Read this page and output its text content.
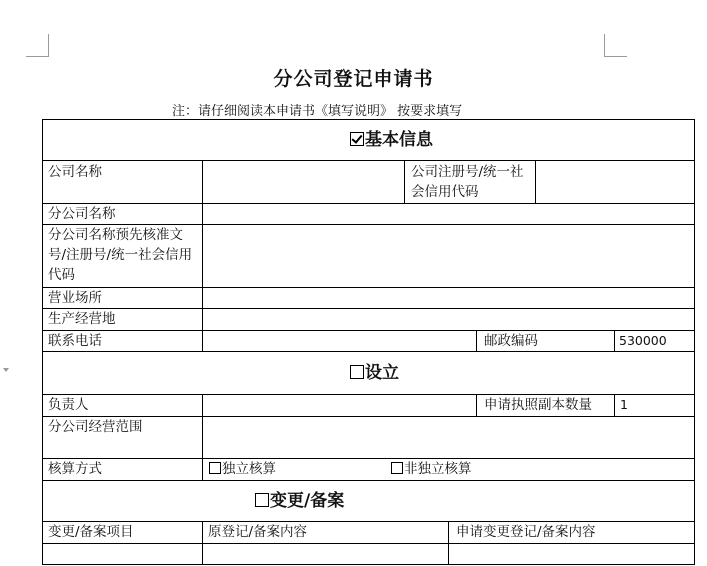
分公司登记申请书
注：请仔细阅读本申请书《填写说明》 按要求填写
基本信息
公司名称	公司注册号/统一社会信用代码
分公司名称
分公司名称预先核准文号/注册号/统一社会信用代码
营业场所
生产经营地
联系电话	邮政编码	530000
设立
负责人	申请执照副本数量 1
分公司经营范围
核算方式	独立核算	非独立核算
变更/备案
变更/备案项目	原登记/备案内容	申请变更登记/备案内容
